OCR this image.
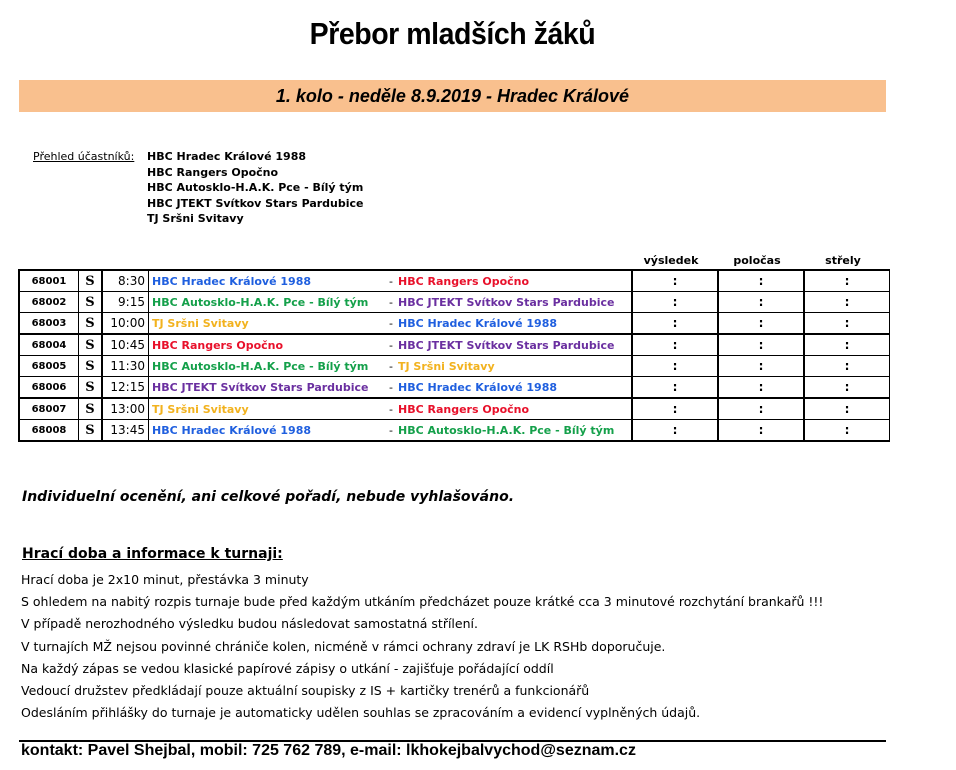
Přebor mladších žáků
1. kolo - neděle 8.9.2019 - Hradec Králové
Přehled účastníků: HBC Hradec Králové 1988
HBC Rangers Opočno
HBC Autosklo-H.A.K. Pce - Bílý tým
HBC JTEKT Svítkov Stars Pardubice
TJ Sršni Svitavy
výsledek	poločas	střely
68001	S	8:30	HBC Hradec Králové 1988	-	HBC Rangers Opočno	:	:	:
68002	S	9:15	HBC Autosklo-H.A.K. Pce - Bílý tým	-	HBC JTEKT Svítkov Stars Pardubice	:	:	:
68003	S	10:00	TJ Sršni Svitavy	-	HBC Hradec Králové 1988	:	:	:
68004	S	10:45	HBC Rangers Opočno	-	HBC JTEKT Svítkov Stars Pardubice	:	:	:
68005	S	11:30	HBC Autosklo-H.A.K. Pce - Bílý tým	-	TJ Sršni Svitavy	:	:	:
68006	S	12:15	HBC JTEKT Svítkov Stars Pardubice	-	HBC Hradec Králové 1988	:	:	:
68007	S	13:00	TJ Sršni Svitavy	-	HBC Rangers Opočno	:	:	:
68008	S	13:45	HBC Hradec Králové 1988	-	HBC Autosklo-H.A.K. Pce - Bílý tým	:	:	:
Individuelní ocenění, ani celkové pořadí, nebude vyhlašováno.
Hrací doba a informace k turnaji:
Hrací doba je 2x10 minut, přestávka 3 minuty
S ohledem na nabitý rozpis turnaje bude před každým utkáním předcházet pouze krátké cca 3 minutové rozchytání brankařů !!!
V případě nerozhodného výsledku budou následovat samostatná střílení.
V turnajích MŽ nejsou povinné chrániče kolen, nicméně v rámci ochrany zdraví je LK RSHb doporučuje.
Na každý zápas se vedou klasické papírové zápisy o utkání - zajišťuje pořádající oddíl
Vedoucí družstev předkládají pouze aktuální soupisky z IS + kartičky trenérů a funkcionářů
Odesláním přihlášky do turnaje je automaticky udělen souhlas se zpracováním a evidencí vyplněných údajů.
kontakt: Pavel Shejbal, mobil: 725 762 789, e-mail: lkhokejbalvychod@seznam.cz
